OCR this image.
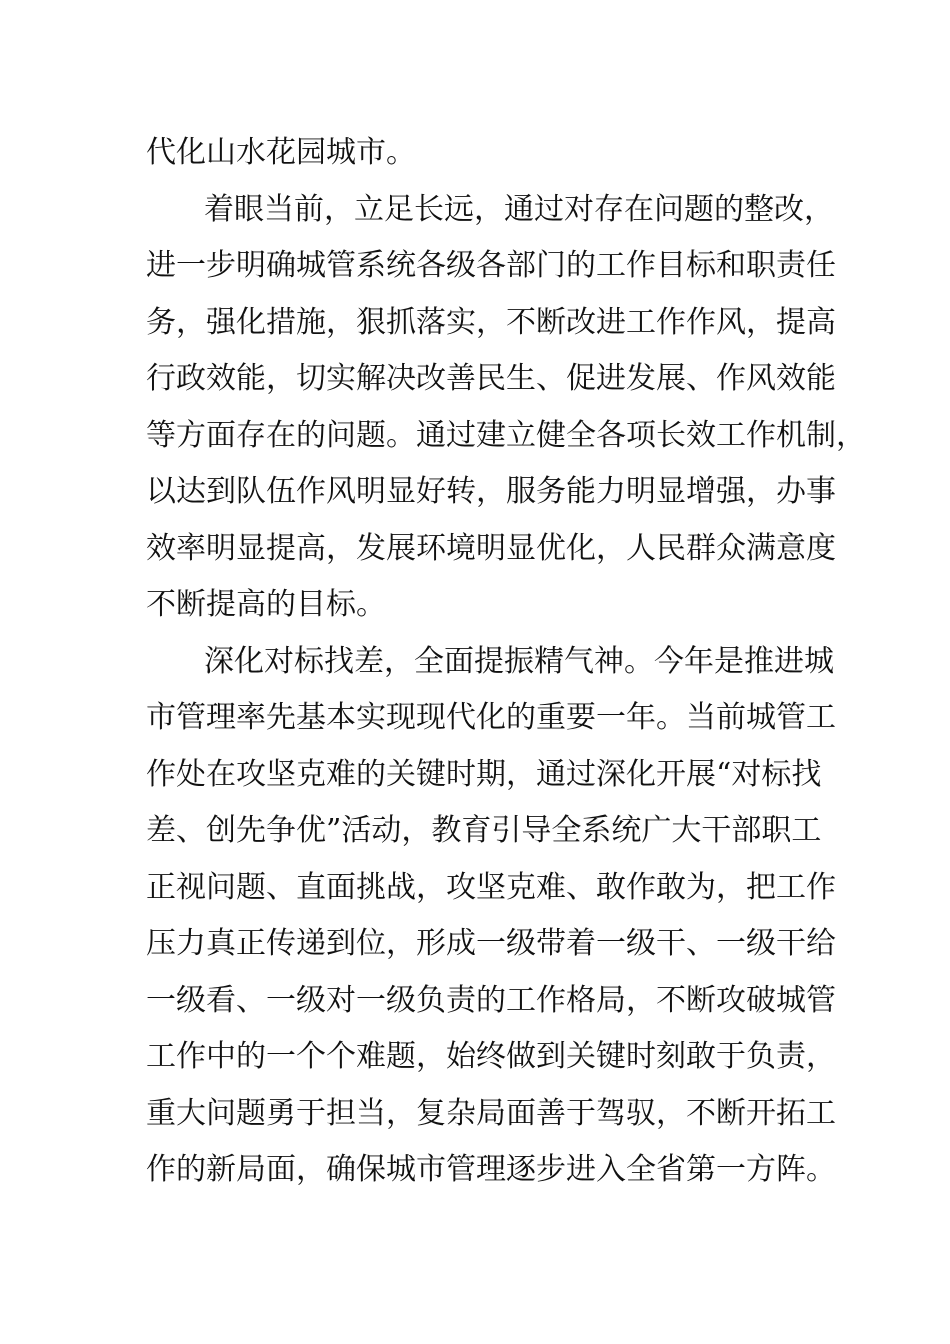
代化山水花园城市。
着眼当前，立足长远，通过对存在问题的整改，
进一步明确城管系统各级各部门的工作目标和职责任
务，强化措施，狠抓落实，不断改进工作作风，提高
行政效能，切实解决改善民生、促进发展、作风效能
等方面存在的问题。通过建立健全各项长效工作机制，
以达到队伍作风明显好转，服务能力明显增强，办事
效率明显提高，发展环境明显优化，人民群众满意度
不断提高的目标。
深化对标找差，全面提振精气神。今年是推进城
市管理率先基本实现现代化的重要一年。当前城管工
作处在攻坚克难的关键时期，通过深化开展“对标找
差、创先争优”活动，教育引导全系统广大干部职工
正视问题、直面挑战，攻坚克难、敢作敢为，把工作
压力真正传递到位，形成一级带着一级干、一级干给
一级看、一级对一级负责的工作格局，不断攻破城管
工作中的一个个难题，始终做到关键时刻敢于负责，
重大问题勇于担当，复杂局面善于驾驭，不断开拓工
作的新局面，确保城市管理逐步进入全省第一方阵。
